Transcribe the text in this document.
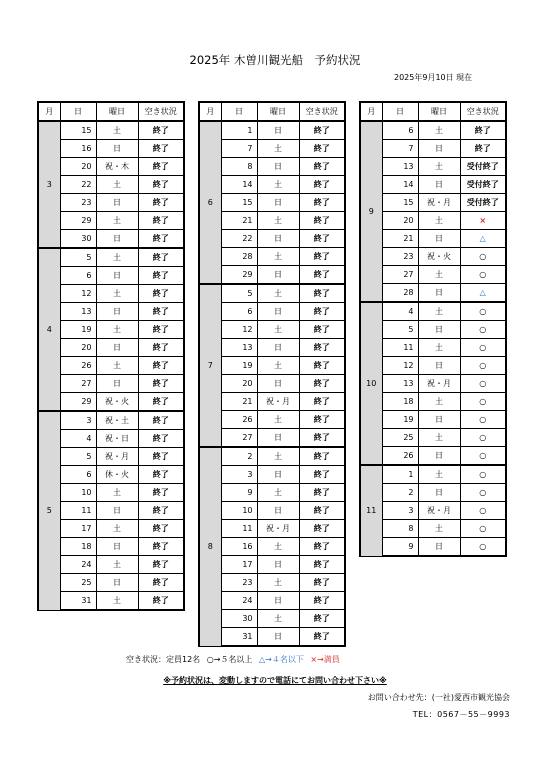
2025年 木曽川観光船　予約状況
2025年9月10日 現在
月	日	曜日	空き状況
3	15	土	終了
	16	日	終了
	20	祝・木	終了
	22	土	終了
	23	日	終了
	29	土	終了
	30	日	終了
4	5	土	終了
	6	日	終了
	12	土	終了
	13	日	終了
	19	土	終了
	20	日	終了
	26	土	終了
	27	日	終了
	29	祝・火	終了
5	3	祝・土	終了
	4	祝・日	終了
	5	祝・月	終了
	6	休・火	終了
	10	土	終了
	11	日	終了
	17	土	終了
	18	日	終了
	24	土	終了
	25	日	終了
	31	土	終了
月	日	曜日	空き状況
6	1	日	終了
	7	土	終了
	8	日	終了
	14	土	終了
	15	日	終了
	21	土	終了
	22	日	終了
	28	土	終了
	29	日	終了
7	5	土	終了
	6	日	終了
	12	土	終了
	13	日	終了
	19	土	終了
	20	日	終了
	21	祝・月	終了
	26	土	終了
	27	日	終了
8	2	土	終了
	3	日	終了
	9	土	終了
	10	日	終了
	11	祝・月	終了
	16	土	終了
	17	日	終了
	23	土	終了
	24	日	終了
	30	土	終了
	31	日	終了
月	日	曜日	空き状況
9	6	土	終了
	7	日	終了
	13	土	受付終了
	14	日	受付終了
	15	祝・月	受付終了
	20	土	×
	21	日	△
	23	祝・火	○
	27	土	○
	28	日	△
10	4	土	○
	5	日	○
	11	土	○
	12	日	○
	13	祝・月	○
	18	土	○
	19	日	○
	25	土	○
	26	日	○
11	1	土	○
	2	日	○
	3	祝・月	○
	8	土	○
	9	日	○
空き状況：定員12名 ○→５名以上 △→４名以下 ×→満員
※予約状況は、変動しますので電話にてお問い合わせ下さい※
お問い合わせ先：(一社)愛西市観光協会
TEL：0567－55－9993
